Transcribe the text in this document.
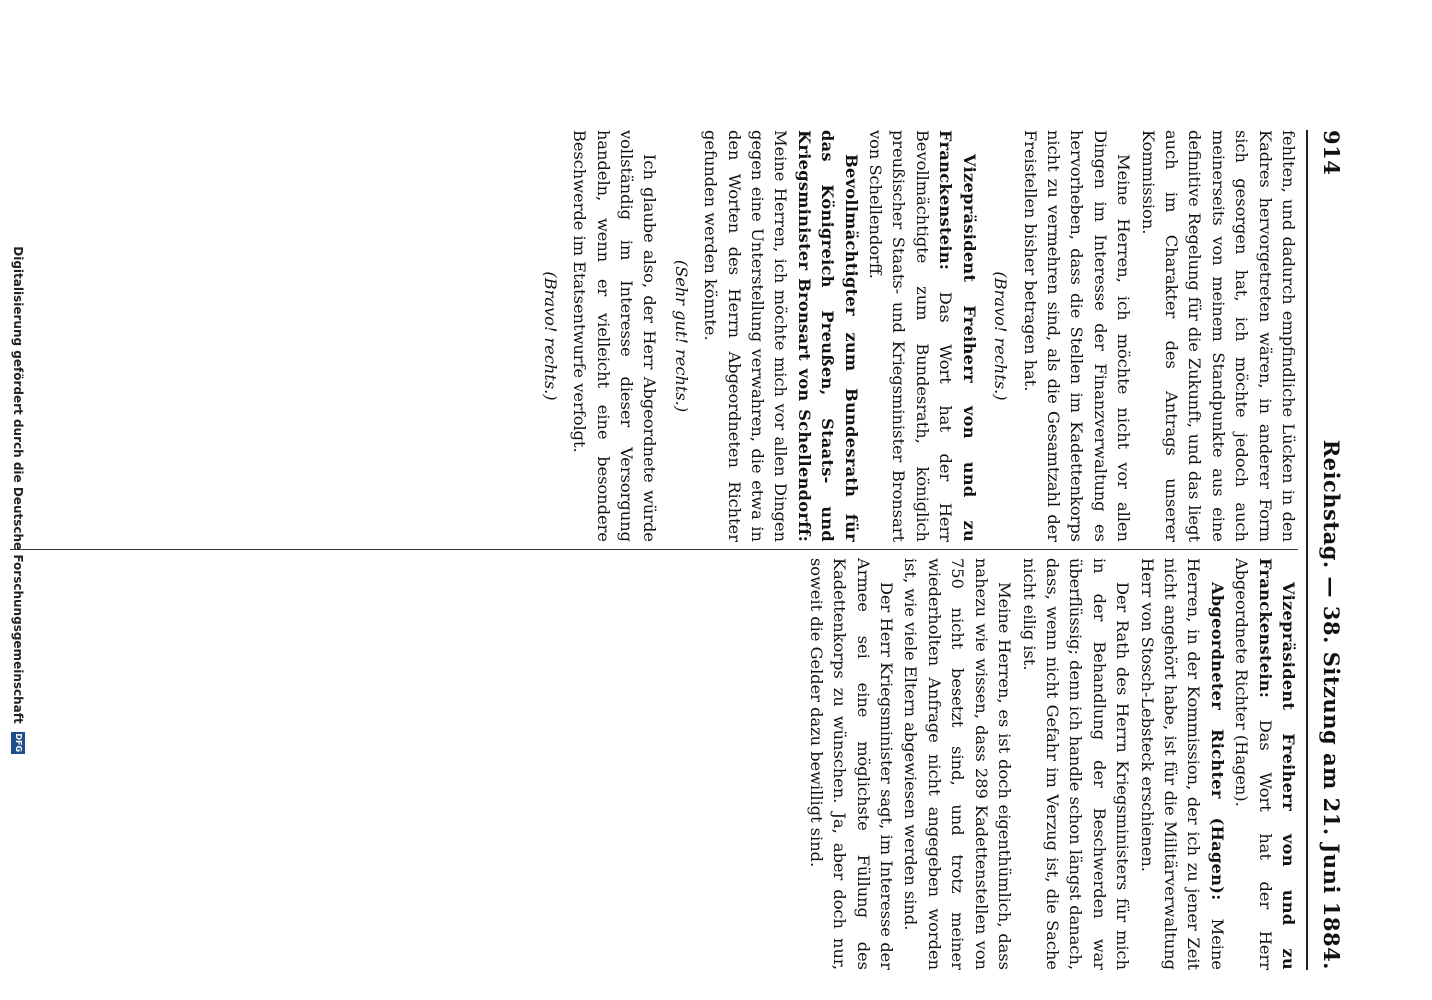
914
Reichstag. — 38. Sitzung am 21. Juni 1884.

fehlten, und dadurch empfindliche Lücken in den Kadres hervorgetreten wären, in anderer Form sich gesorgen hat, ich möchte jedoch auch meinerseits von meinem Standpunkte aus eine definitive Regelung für die Zukunft, und das liegt auch im Charakter des Antrags unserer Kommission.

Meine Herren, ich möchte nicht vor allen Dingen im Interesse der Finanzverwaltung es hervorheben, dass die Stellen im Kadettenkorps nicht zu vermehren sind, als die Gesamtzahl der Freistellen bisher betragen hat.

(Bravo! rechts.)

Vizepräsident Freiherr von und zu Franckenstein: Das Wort hat der Herr Bevollmächtigte zum Bundesrath, königlich preußischer Staats- und Kriegsminister Bronsart von Schellendorff.

Bevollmächtigter zum Bundesrath für das Königreich Preußen, Staats- und Kriegsminister Bronsart von Schellendorff: Meine Herren, ich möchte mich vor allen Dingen gegen eine Unterstellung verwahren, die etwa in den Worten des Herrn Abgeordneten Richter gefunden werden könnte.

(Sehr gut! rechts.)

Ich glaube also, der Herr Abgeordnete würde vollständig im Interesse dieser Versorgung handeln, wenn er vielleicht eine besondere Beschwerde im Etatsentwurfe verfolgt.

(Bravo! rechts.)

Vizepräsident Freiherr von und zu Franckenstein: Das Wort hat der Herr Abgeordnete Richter (Hagen).

Abgeordneter Richter (Hagen): Meine Herren, in der Kommission, der ich zu jener Zeit nicht angehört habe, ist für die Militärverwaltung Herr von Stosch-Lebsteck erschienen.

Der Rath des Herrn Kriegsministers für mich in der Behandlung der Beschwerden war überflüssig; denn ich handle schon längst danach, dass, wenn nicht Gefahr im Verzug ist, die Sache nicht eilig ist.

Meine Herren, es ist doch eigenthümlich, dass nahezu wie wissen, dass 289 Kadettenstellen von 750 nicht besetzt sind, und trotz meiner wiederholten Anfrage nicht angegeben worden ist, wie viele Eltern abgewiesen werden sind.

Der Herr Kriegsminister sagt, im Interesse der Armee sei eine möglichste Füllung des Kadettenkorps zu wünschen. Ja, aber doch nur, soweit die Gelder dazu bewilligt sind.

Digitalisierung gefördert durch die Deutsche Forschungsgemeinschaft
DFG
